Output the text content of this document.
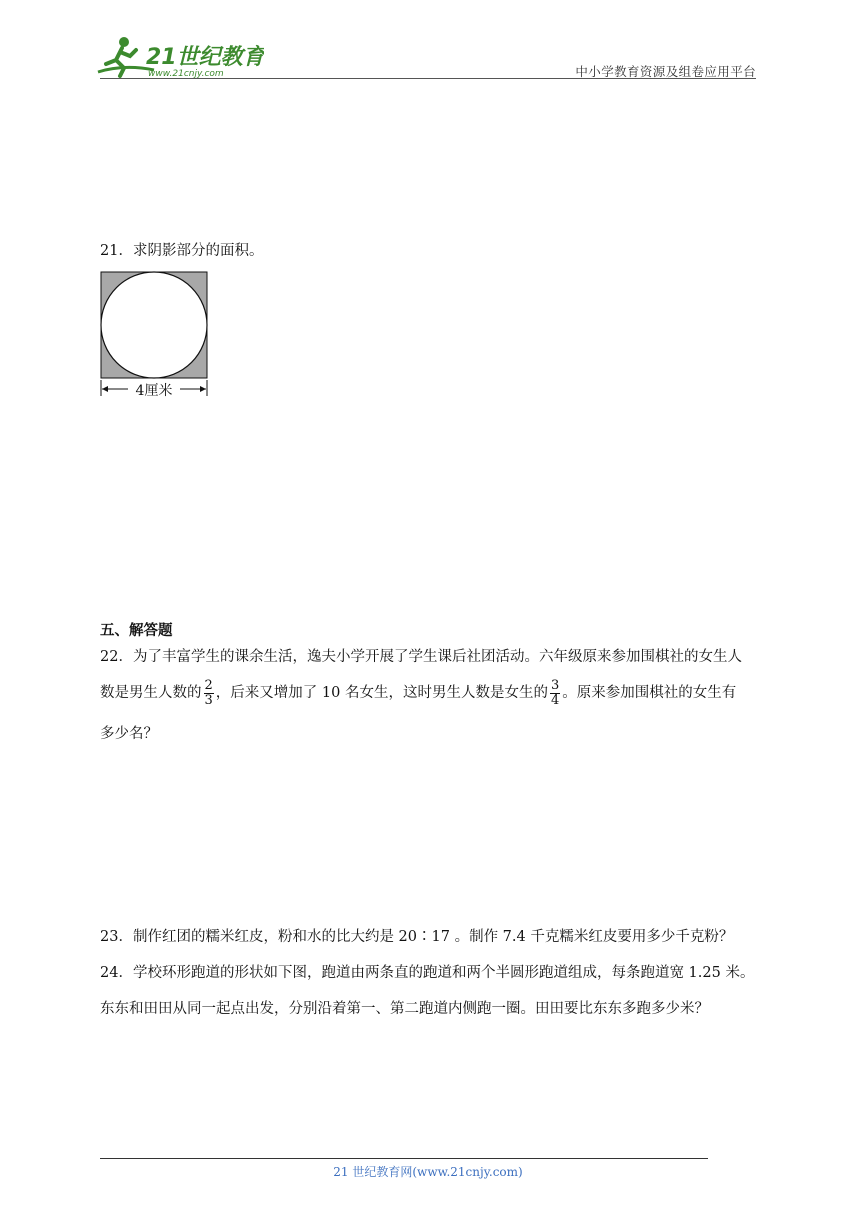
21世纪教育
www.21cnjy.com	中小学教育资源及组卷应用平台
21．求阴影部分的面积。
4厘米
五、解答题
22．为了丰富学生的课余生活，逸夫小学开展了学生课后社团活动。六年级原来参加围棋社的女生人
数是男生人数的 $\frac{2}{3}$ ，后来又增加了 10 名女生，这时男生人数是女生的 $\frac{3}{4}$ 。原来参加围棋社的女生有
多少名？
23．制作红团的糯米红皮，粉和水的比大约是 20∶17 。制作 7.4 千克糯米红皮要用多少千克粉？
24．学校环形跑道的形状如下图，跑道由两条直的跑道和两个半圆形跑道组成，每条跑道宽 1.25 米。
东东和田田从同一起点出发，分别沿着第一、第二跑道内侧跑一圈。田田要比东东多跑多少米？
21 世纪教育网(www.21cnjy.com)
